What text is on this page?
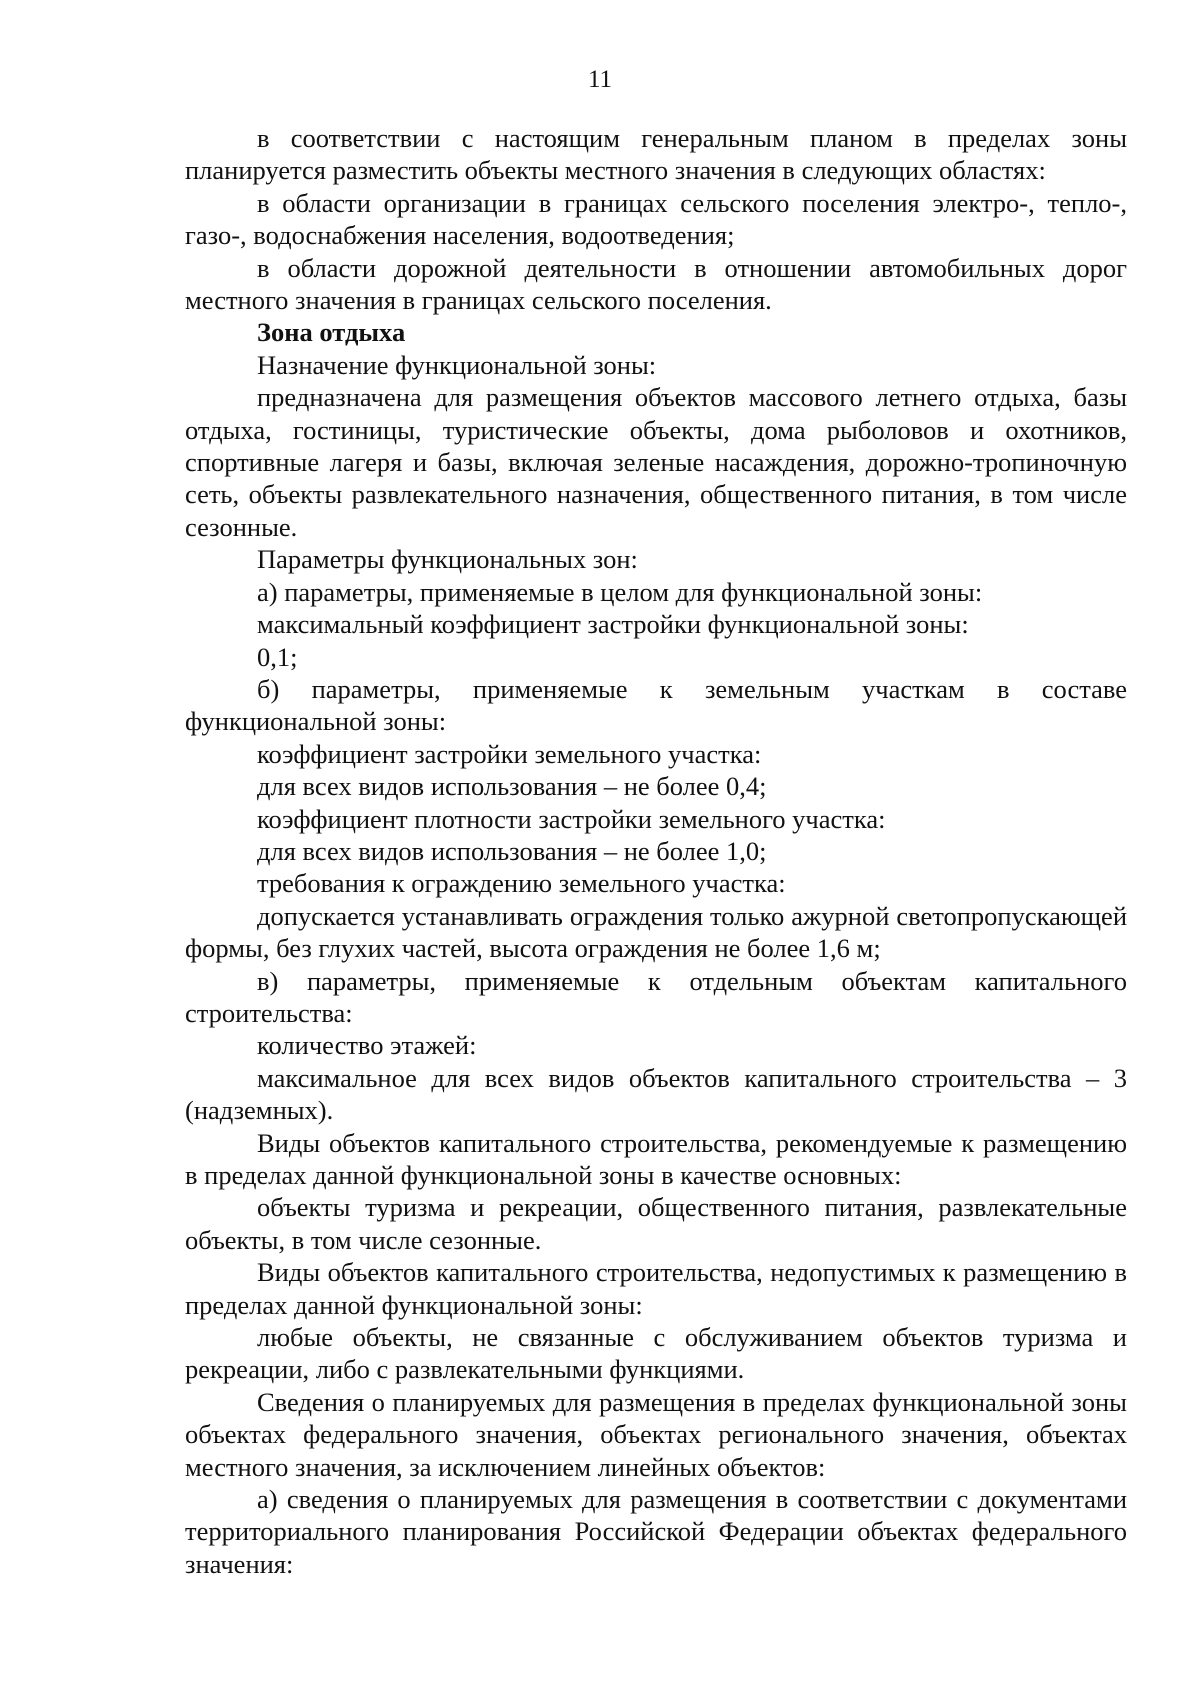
11

в соответствии с настоящим генеральным планом в пределах зоны планируется разместить объекты местного значения в следующих областях:

в области организации в границах сельского поселения электро-, тепло-, газо-, водоснабжения населения, водоотведения;

в области дорожной деятельности в отношении автомобильных дорог местного значения в границах сельского поселения.

Зона отдыха

Назначение функциональной зоны:

предназначена для размещения объектов массового летнего отдыха, базы отдыха, гостиницы, туристические объекты, дома рыболовов и охотников, спортивные лагеря и базы, включая зеленые насаждения, дорожно-тропиночную сеть, объекты развлекательного назначения, общественного питания, в том числе сезонные.

Параметры функциональных зон:

а) параметры, применяемые в целом для функциональной зоны:

максимальный коэффициент застройки функциональной зоны:

0,1;

б) параметры, применяемые к земельным участкам в составе функциональной зоны:

коэффициент застройки земельного участка:

для всех видов использования – не более 0,4;

коэффициент плотности застройки земельного участка:

для всех видов использования – не более 1,0;

требования к ограждению земельного участка:

допускается устанавливать ограждения только ажурной светопропускающей формы, без глухих частей, высота ограждения не более 1,6 м;

в) параметры, применяемые к отдельным объектам капитального строительства:

количество этажей:

максимальное для всех видов объектов капитального строительства – 3 (надземных).

Виды объектов капитального строительства, рекомендуемые к размещению в пределах данной функциональной зоны в качестве основных:

объекты туризма и рекреации, общественного питания, развлекательные объекты, в том числе сезонные.

Виды объектов капитального строительства, недопустимых к размещению в пределах данной функциональной зоны:

любые объекты, не связанные с обслуживанием объектов туризма и рекреации, либо с развлекательными функциями.

Сведения о планируемых для размещения в пределах функциональной зоны объектах федерального значения, объектах регионального значения, объектах местного значения, за исключением линейных объектов:

а) сведения о планируемых для размещения в соответствии с документами территориального планирования Российской Федерации объектах федерального значения:
